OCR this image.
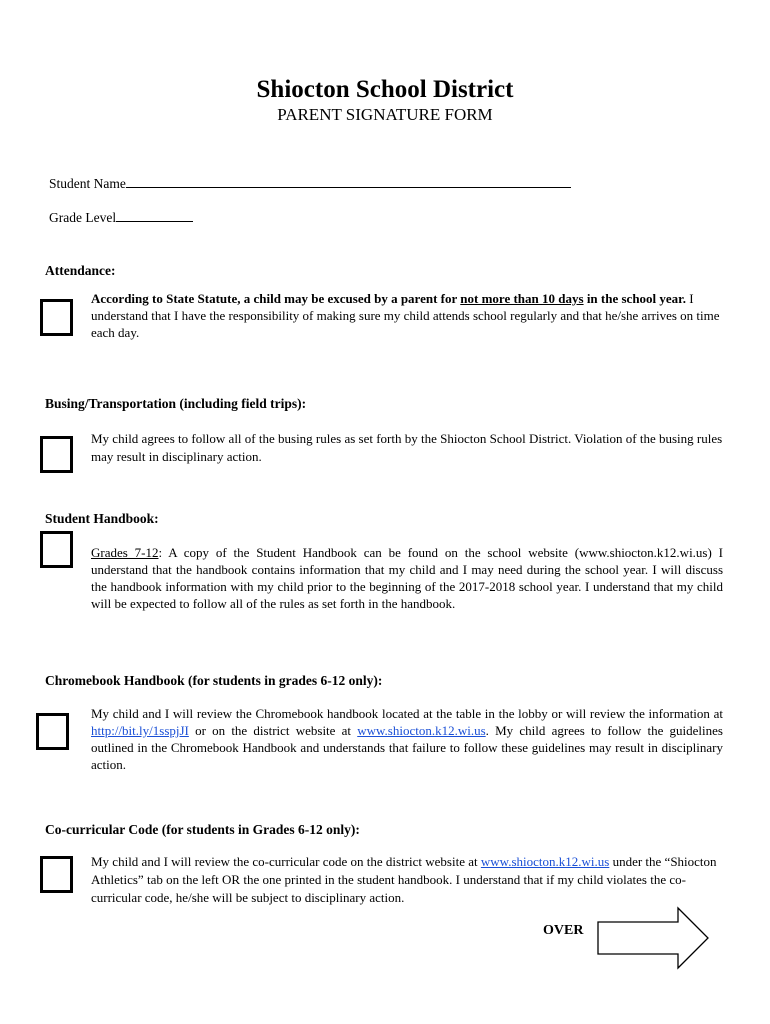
Shiocton School District
PARENT SIGNATURE FORM
Student Name
Grade Level
Attendance:
According to State Statute, a child may be excused by a parent for not more than 10 days in the school year. I understand that I have the responsibility of making sure my child attends school regularly and that he/she arrives on time each day.
Busing/Transportation (including field trips):
My child agrees to follow all of the busing rules as set forth by the Shiocton School District. Violation of the busing rules may result in disciplinary action.
Student Handbook:
Grades 7-12: A copy of the Student Handbook can be found on the school website (www.shiocton.k12.wi.us) I understand that the handbook contains information that my child and I may need during the school year. I will discuss the handbook information with my child prior to the beginning of the 2017-2018 school year. I understand that my child will be expected to follow all of the rules as set forth in the handbook.
Chromebook Handbook (for students in grades 6-12 only):
My child and I will review the Chromebook handbook located at the table in the lobby or will review the information at http://bit.ly/1sspjJI or on the district website at www.shiocton.k12.wi.us. My child agrees to follow the guidelines outlined in the Chromebook Handbook and understands that failure to follow these guidelines may result in disciplinary action.
Co-curricular Code (for students in Grades 6-12 only):
My child and I will review the co-curricular code on the district website at www.shiocton.k12.wi.us under the “Shiocton Athletics” tab on the left OR the one printed in the student handbook. I understand that if my child violates the co-curricular code, he/she will be subject to disciplinary action.
OVER
